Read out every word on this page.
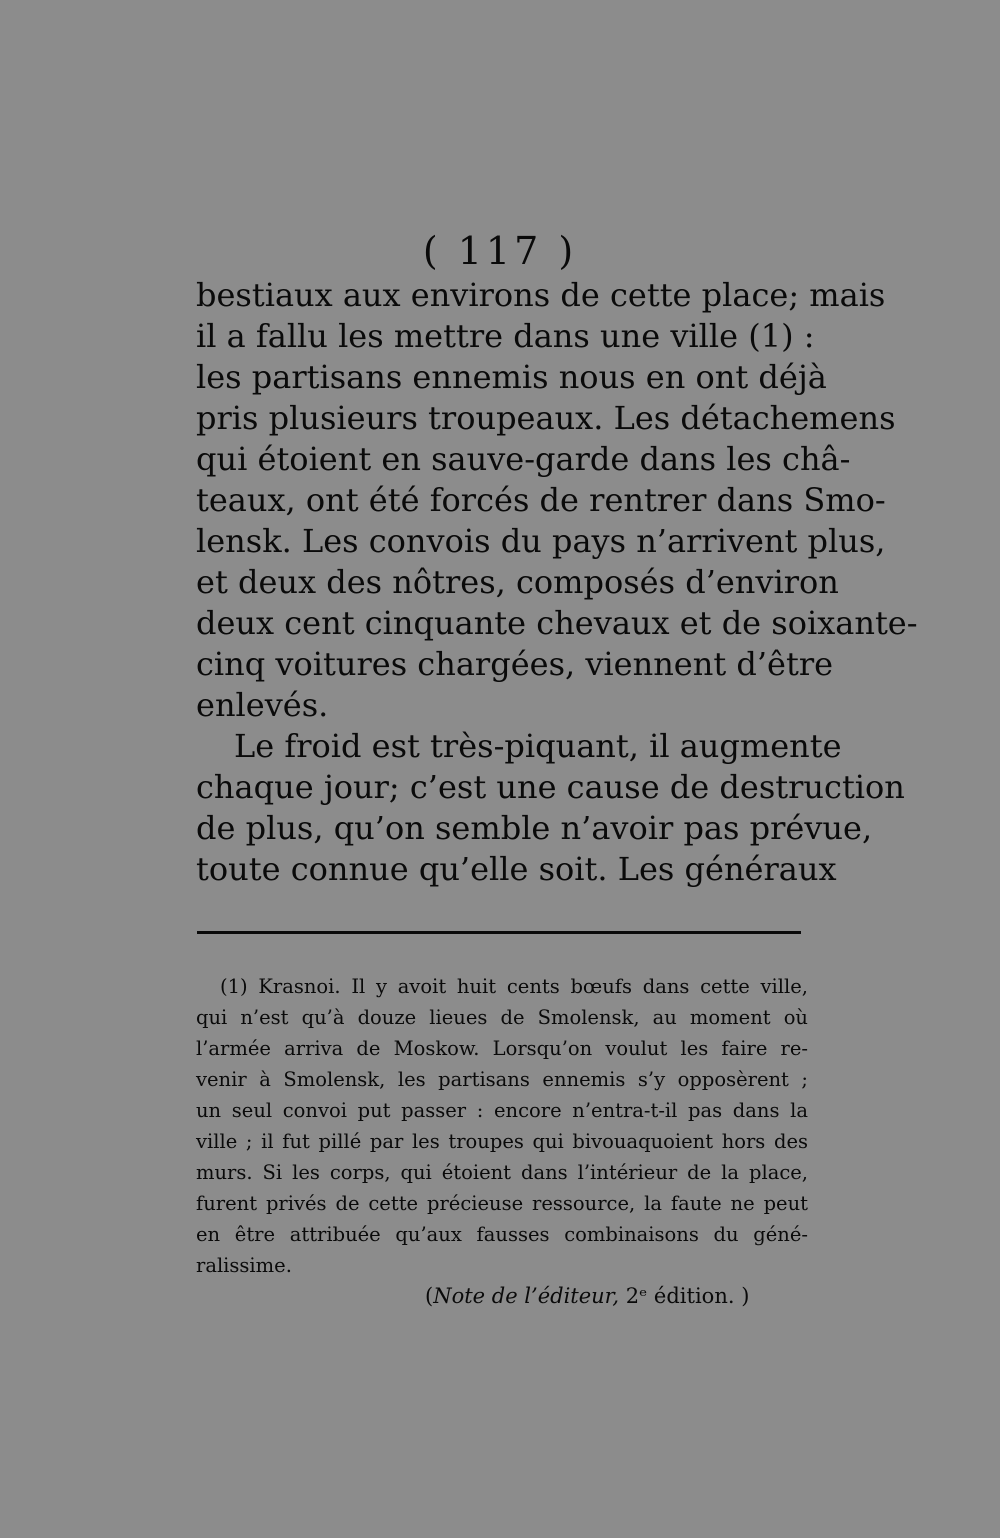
( 117 )
bestiaux aux environs de cette place; mais
il a fallu les mettre dans une ville (1) :
les partisans ennemis nous en ont déjà
pris plusieurs troupeaux. Les détachemens
qui étoient en sauve-garde dans les châ-
teaux, ont été forcés de rentrer dans Smo-
lensk. Les convois du pays n’arrivent plus,
et deux des nôtres, composés d’environ
deux cent cinquante chevaux et de soixante-
cinq voitures chargées, viennent d’être
enlevés.
Le froid est très-piquant, il augmente
chaque jour; c’est une cause de destruction
de plus, qu’on semble n’avoir pas prévue,
toute connue qu’elle soit. Les généraux
(1) Krasnoi. Il y avoit huit cents bœufs dans cette ville,
qui n’est qu’à douze lieues de Smolensk, au moment où
l’armée arriva de Moskow. Lorsqu’on voulut les faire re-
venir à Smolensk, les partisans ennemis s’y opposèrent ;
un seul convoi put passer : encore n’entra-t-il pas dans la
ville ; il fut pillé par les troupes qui bivouaquoient hors des
murs. Si les corps, qui étoient dans l’intérieur de la place,
furent privés de cette précieuse ressource, la faute ne peut
en être attribuée qu’aux fausses combinaisons du géné-
ralissime.
(Note de l’éditeur, 2ᵉ édition. )
